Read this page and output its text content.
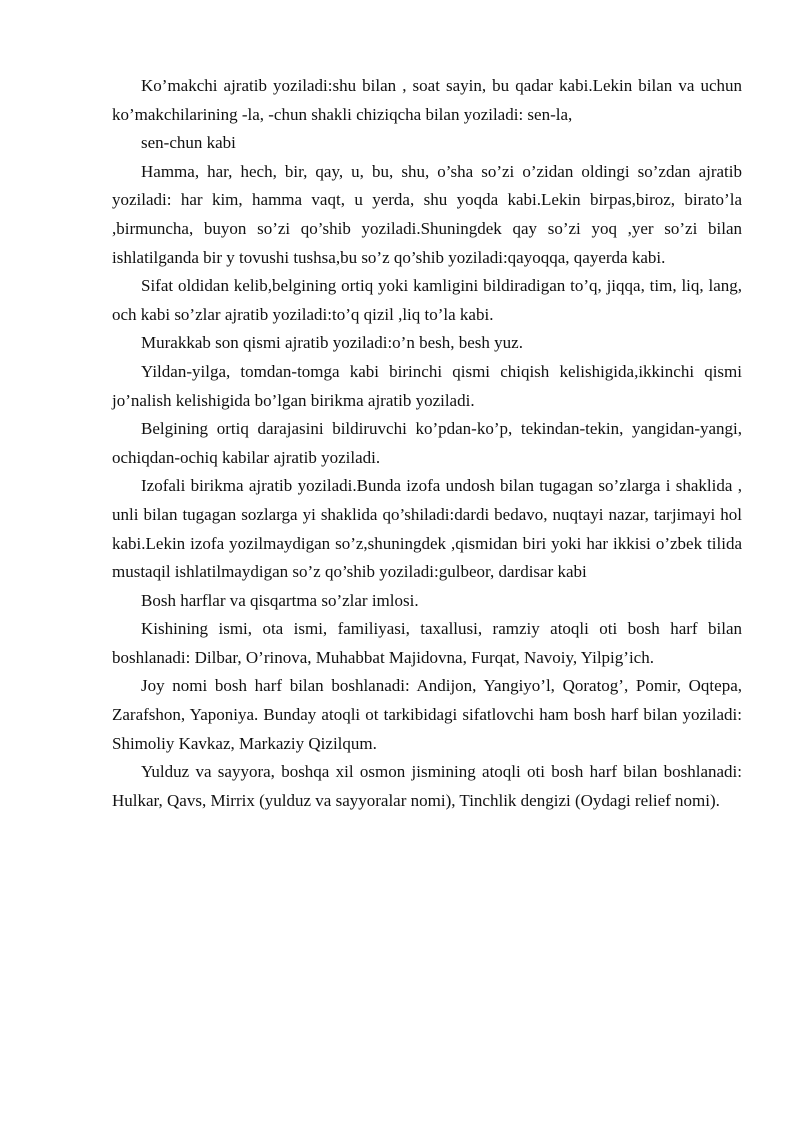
Ko’makchi ajratib yoziladi:shu bilan , soat sayin, bu qadar kabi.Lekin bilan va uchun ko’makchilarining -la, -chun shakli chiziqcha bilan yoziladi: sen-la,

sen-chun kabi

Hamma, har, hech, bir, qay, u, bu, shu, o’sha so’zi o’zidan oldingi so’zdan ajratib yoziladi: har kim, hamma vaqt, u yerda, shu yoqda kabi.Lekin birpas,biroz, birato’la ,birmuncha, buyon so’zi qo’shib yoziladi.Shuningdek qay so’zi yoq ,yer so’zi bilan ishlatilganda bir y tovushi tushsa,bu so’z qo’shib yoziladi:qayoqqa, qayerda kabi.

Sifat oldidan kelib,belgining ortiq yoki kamligini bildiradigan to’q, jiqqa, tim, liq, lang, och kabi so’zlar ajratib yoziladi:to’q qizil ,liq to’la kabi.

Murakkab son qismi ajratib yoziladi:o’n besh, besh yuz.

Yildan-yilga, tomdan-tomga kabi birinchi qismi chiqish kelishigida,ikkinchi qismi jo’nalish kelishigida bo’lgan birikma ajratib yoziladi.

Belgining ortiq darajasini bildiruvchi ko’pdan-ko’p, tekindan-tekin, yangidan-yangi, ochiqdan-ochiq kabilar ajratib yoziladi.

Izofali birikma ajratib yoziladi.Bunda izofa undosh bilan tugagan so’zlarga i shaklida , unli bilan tugagan sozlarga yi shaklida qo’shiladi:dardi bedavo, nuqtayi nazar, tarjimayi hol kabi.Lekin izofa yozilmaydigan so’z,shuningdek ,qismidan biri yoki har ikkisi o’zbek tilida mustaqil ishlatilmaydigan so’z qo’shib yoziladi:gulbeor, dardisar kabi

Bosh harflar va qisqartma so’zlar imlosi.

Kishining ismi, ota ismi, familiyasi, taxallusi, ramziy atoqli oti bosh harf bilan boshlanadi: Dilbar, O’rinova, Muhabbat Majidovna, Furqat, Navoiy, Yilpig’ich.

Joy nomi bosh harf bilan boshlanadi: Andijon, Yangiyo’l, Qoratog’, Pomir, Oqtepa, Zarafshon, Yaponiya. Bunday atoqli ot tarkibidagi sifatlovchi ham bosh harf bilan yoziladi: Shimoliy Kavkaz, Markaziy Qizilqum.

Yulduz va sayyora, boshqa xil osmon jismining atoqli oti bosh harf bilan boshlanadi: Hulkar, Qavs, Mirrix (yulduz va sayyoralar nomi), Tinchlik dengizi (Oydagi relief nomi).
